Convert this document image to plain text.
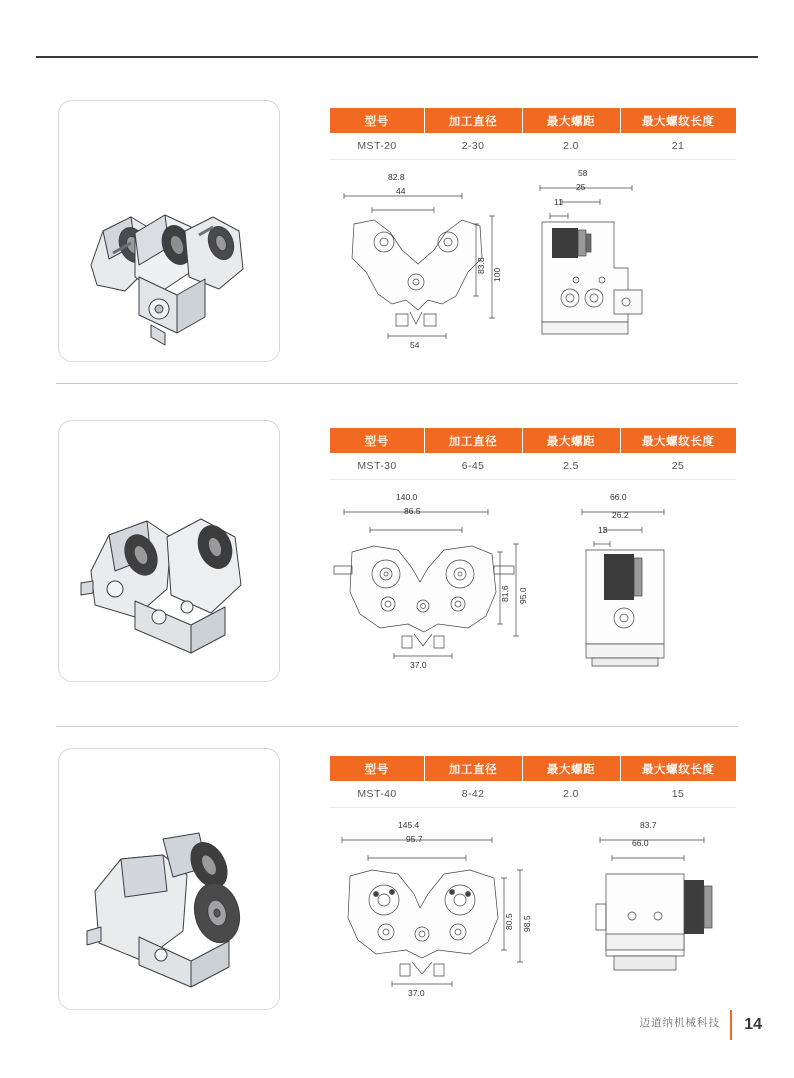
型号	加工直径	最大螺距	最大螺纹长度
MST-20	2-30	2.0	21
82.8
44
83.8
100
54
58
25
11
型号	加工直径	最大螺距	最大螺纹长度
MST-30	6-45	2.5	25
140.0
86.5
81.6 95.0
37.0
66.0
26.2
13
型号	加工直径	最大螺距	最大螺纹长度
MST-40	8-42	2.0	15
145.4
95.7
80.5 98.5
37.0
83.7
66.0
迈道纳机械科技 14
